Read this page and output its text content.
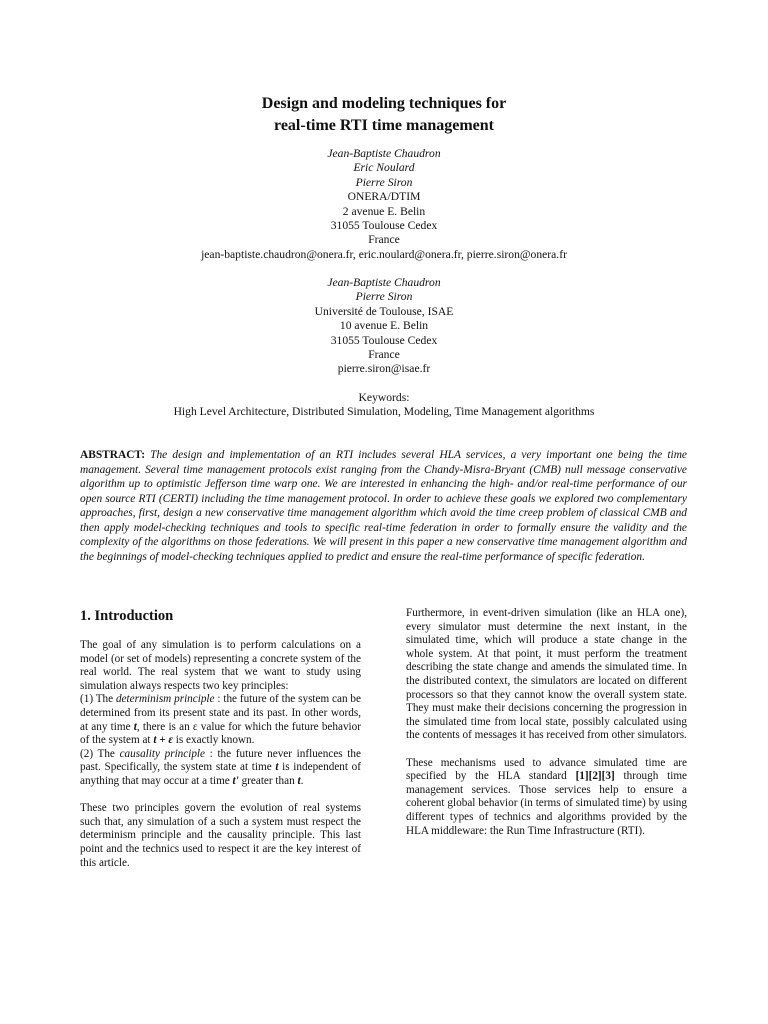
Design and modeling techniques for
real-time RTI time management
Jean-Baptiste Chaudron
Eric Noulard
Pierre Siron
ONERA/DTIM
2 avenue E. Belin
31055 Toulouse Cedex
France
jean-baptiste.chaudron@onera.fr, eric.noulard@onera.fr, pierre.siron@onera.fr
Jean-Baptiste Chaudron
Pierre Siron
Université de Toulouse, ISAE
10 avenue E. Belin
31055 Toulouse Cedex
France
pierre.siron@isae.fr
Keywords:
High Level Architecture, Distributed Simulation, Modeling, Time Management algorithms
ABSTRACT: The design and implementation of an RTI includes several HLA services, a very important one being the time management. Several time management protocols exist ranging from the Chandy-Misra-Bryant (CMB) null message conservative algorithm up to optimistic Jefferson time warp one. We are interested in enhancing the high- and/or real-time performance of our open source RTI (CERTI) including the time management protocol. In order to achieve these goals we explored two complementary approaches, first, design a new conservative time management algorithm which avoid the time creep problem of classical CMB and then apply model-checking techniques and tools to specific real-time federation in order to formally ensure the validity and the complexity of the algorithms on those federations. We will present in this paper a new conservative time management algorithm and the beginnings of model-checking techniques applied to predict and ensure the real-time performance of specific federation.

1. Introduction

The goal of any simulation is to perform calculations on a model (or set of models) representing a concrete system of the real world. The real system that we want to study using simulation always respects two key principles:

(1) The determinism principle : the future of the system can be determined from its present state and its past. In other words, at any time t, there is an ε value for which the future behavior of the system at t + ε is exactly known.

(2) The causality principle : the future never influences the past. Specifically, the system state at time t is independent of anything that may occur at a time t' greater than t.

These two principles govern the evolution of real systems such that, any simulation of a such a system must respect the determinism principle and the causality principle. This last point and the technics used to respect it are the key interest of this article.

Furthermore, in event-driven simulation (like an HLA one), every simulator must determine the next instant, in the simulated time, which will produce a state change in the whole system. At that point, it must perform the treatment describing the state change and amends the simulated time. In the distributed context, the simulators are located on different processors so that they cannot know the overall system state. They must make their decisions concerning the progression in the simulated time from local state, possibly calculated using the contents of messages it has received from other simulators.

These mechanisms used to advance simulated time are specified by the HLA standard [1][2][3] through time management services. Those services help to ensure a coherent global behavior (in terms of simulated time) by using different types of technics and algorithms provided by the HLA middleware: the Run Time Infrastructure (RTI).
